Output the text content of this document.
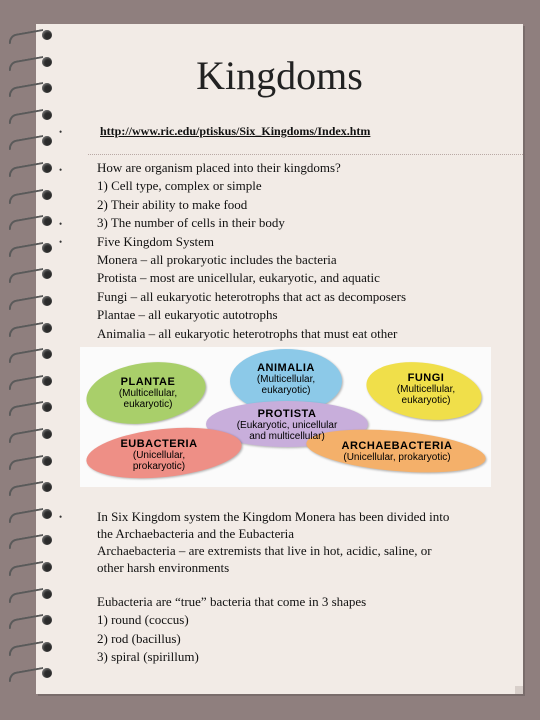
Kingdoms
•	http://www.ric.edu/ptiskus/Six_Kingdoms/Index.htm
•
•
•
How are organism placed into their kingdoms?
1) Cell type, complex or simple
2) Their ability to make food
3) The number of cells in their body
Five Kingdom System
Monera – all prokaryotic includes the bacteria
Protista – most are unicellular, eukaryotic, and aquatic
Fungi – all eukaryotic heterotrophs that act as decomposers
Plantae – all eukaryotic autotrophs
Animalia – all eukaryotic heterotrophs that must eat other
PLANTAE
(Multicellular,
eukaryotic)
ANIMALIA
(Multicellular,
eukaryotic)
FUNGI
(Multicellular,
eukaryotic)
PROTISTA
(Eukaryotic, unicellular
and multicellular)
EUBACTERIA
(Unicellular,
prokaryotic)
ARCHAEBACTERIA
(Unicellular, prokaryotic)
•	In Six Kingdom system the Kingdom Monera has been divided into
the Archaebacteria and the Eubacteria
Archaebacteria – are extremists that live in hot, acidic, saline, or
other harsh environments
Eubacteria are “true” bacteria that come in 3 shapes
1) round (coccus)
2) rod (bacillus)
3) spiral (spirillum)
